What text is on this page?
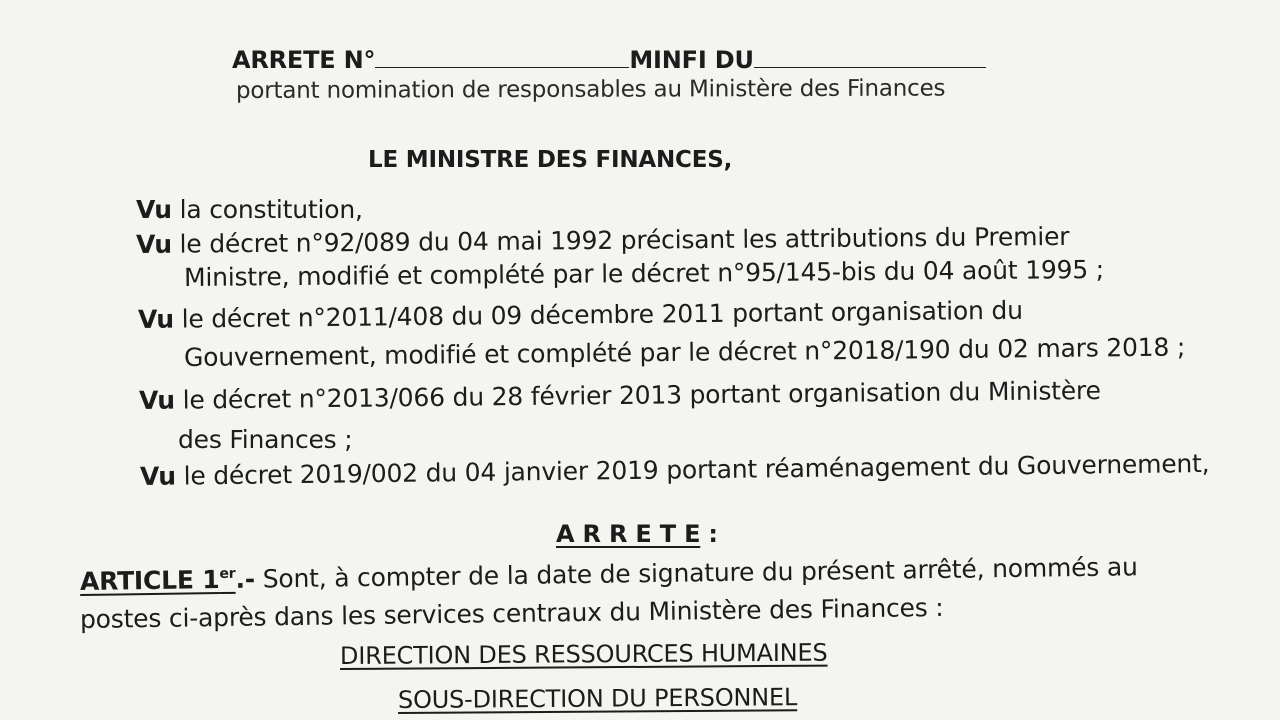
ARRETE N°	MINFI DU
portant nomination de responsables au Ministère des Finances
LE MINISTRE DES FINANCES,
Vu la constitution,
Vu le décret n°92/089 du 04 mai 1992 précisant les attributions du Premier
Ministre, modifié et complété par le décret n°95/145-bis du 04 août 1995 ;
Vu le décret n°2011/408 du 09 décembre 2011 portant organisation du
Gouvernement, modifié et complété par le décret n°2018/190 du 02 mars 2018 ;
Vu le décret n°2013/066 du 28 février 2013 portant organisation du Ministère
des Finances ;
Vu le décret 2019/002 du 04 janvier 2019 portant réaménagement du Gouvernement,
A R R E T E :
ARTICLE 1er.- Sont, à compter de la date de signature du présent arrêté, nommés au
postes ci-après dans les services centraux du Ministère des Finances :
DIRECTION DES RESSOURCES HUMAINES
SOUS-DIRECTION DU PERSONNEL
